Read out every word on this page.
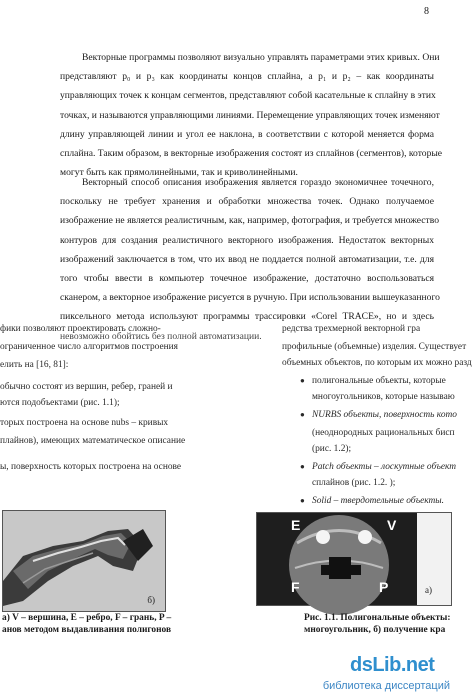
8
Векторные программы позволяют визуально управлять параметрами этих кривых. Они
представляют p₀ и p₃ как координаты концов сплайна, а p₁ и p₂ – как координаты
управляющих точек к концам сегментов, представляют собой касательные к сплайну в этих
точках, и называются управляющими линиями. Перемещение управляющих точек изменяют
длину управляющей линии и угол ее наклона, в соответствии с которой меняется форма
сплайна. Таким образом, в векторные изображения состоят из сплайнов (сегментов), которые
могут быть как прямолинейными, так и криволинейными.
Векторный способ описания изображения является гораздо экономичнее точечного,
поскольку не требует хранения и обработки множества точек. Однако получаемое
изображение не является реалистичным, как, например, фотография, и требуется множество
контуров для создания реалистичного векторного изображения. Недостаток векторных
изображений заключается в том, что их ввод не поддается полной автоматизации, т.е. для
того чтобы ввести в компьютер точечное изображение, достаточно воспользоваться
сканером, а векторное изображение рисуется в ручную. При использовании вышеуказанного
пиксельного метода используют программы трассировки «Corel TRACE», но и здесь
невозможно обойтись без полной автоматизации.
фики позволяют проектировать сложно-
ограниченное число алгоритмов построения
елить на [16, 81]:
обычно состоят из вершин, ребер, граней и
ются подобъектами (рис. 1.1);
торых построена на основе nubs – кривых
плайнов), имеющих математическое описание
ы, поверхность которых построена на основе
редства трехмерной векторной гра
профильные (объемные) изделия. Существует
объемных объектов, по которым их можно разд
● полигональные объекты, которые
многоугольников, которые называю
● NURBS объекты, поверхность кото
(неоднородных рациональных бисп
(рис. 1.2);
● Patch объекты – лоскутные объект
сплайнов (рис. 1.2. );
● Solid – твердотельные объекты.
б)
E	V
F	P	а)
а) V – вершина, E – ребро, F – грань, P –
анов методом выдавливания полигонов
Рис. 1.1. Полигональные объекты:
многоугольник, б) получение кра
dsLib.net
библиотека диссертаций
